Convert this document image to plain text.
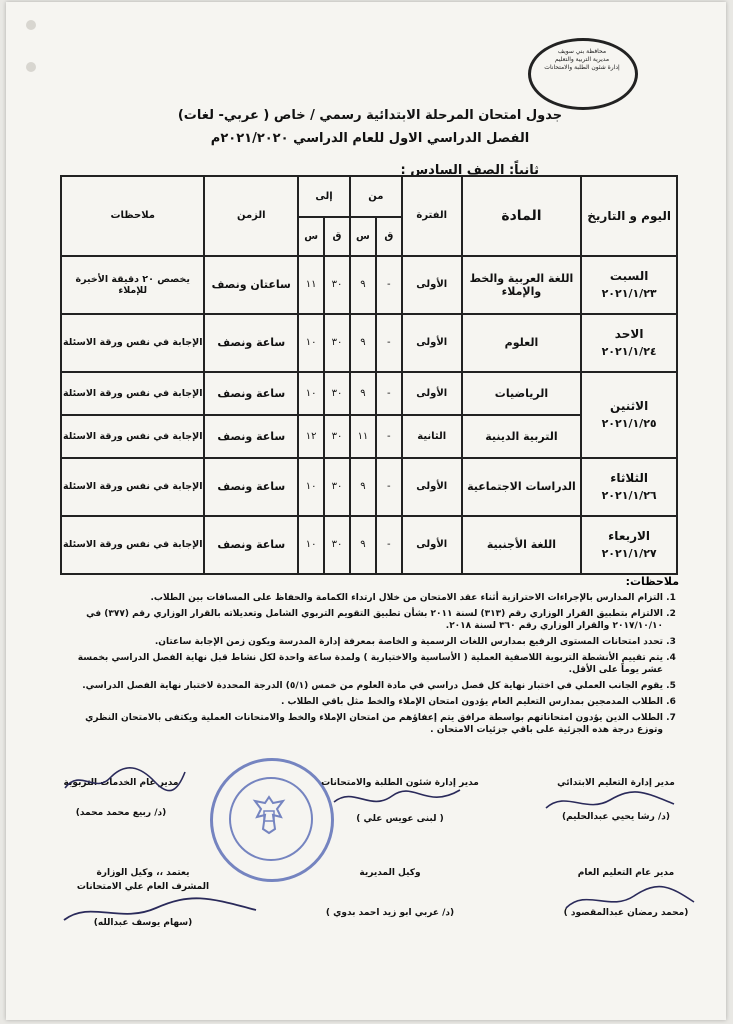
محافظة بني سويف
مديرية التربية والتعليم
إدارة شئون الطلبة والامتحانات
جدول امتحان المرحلة الابتدائية رسمي / خاص ( عربي- لغات)
الفصل الدراسي الاول للعام الدراسي ٢٠٢١/٢٠٢٠م
ثانياً: الصف السادس :
اليوم و التاريخ	المادة	الفترة	من		إلى		الزمن	ملاحظات
			ق	س	ق	س		
السبت
٢٠٢١/١/٢٣	اللغة العربية والخط والإملاء	الأولى	-	٩	٣٠	١١	ساعتان ونصف	يخصص ٢٠ دقيقة الأخيرة للإملاء
الاحد
٢٠٢١/١/٢٤	العلوم	الأولى	-	٩	٣٠	١٠	ساعة ونصف	الإجابة في نفس ورقة الاسئلة
الاثنين
٢٠٢١/١/٢٥	الرياضيات	الأولى	-	٩	٣٠	١٠	ساعة ونصف	الإجابة في نفس ورقة الاسئلة
	التربية الدينية	الثانية	-	١١	٣٠	١٢	ساعة ونصف	الإجابة في نفس ورقة الاسئلة
الثلاثاء
٢٠٢١/١/٢٦	الدراسات الاجتماعية	الأولى	-	٩	٣٠	١٠	ساعة ونصف	الإجابة في نفس ورقة الاسئلة
الاربعاء
٢٠٢١/١/٢٧	اللغة الأجنبية	الأولى	-	٩	٣٠	١٠	ساعة ونصف	الإجابة في نفس ورقة الاسئلة
ملاحظات:
1. التزام المدارس بالإجراءات الاحترازية أثناء عقد الامتحان من خلال ارتداء الكمامة والحفاظ على المسافات بين الطلاب.
2. الالتزام بتطبيق القرار الوزاري رقم (٣١٣) لسنة ٢٠١١ بشأن تطبيق التقويم التربوي الشامل وتعديلاته بالقرار الوزاري رقم (٣٧٧) في ٢٠١٧/١٠/١٠ والقرار الوزاري رقم ٣٦٠ لسنة ٢٠١٨.
3. تحدد امتحانات المستوى الرفيع بمدارس اللغات الرسمية و الخاصة بمعرفة إدارة المدرسة ويكون زمن الإجابة ساعتان.
4. يتم تقييم الأنشطة التربوية اللاصفية العملية ( الأساسية والاختيارية ) ولمدة ساعة واحدة لكل نشاط قبل نهاية الفصل الدراسي بخمسة عشر يوماً على الأقل.
5. يقوم الجانب العملي في اختبار نهاية كل فصل دراسي في مادة العلوم من خمس (٥/١) الدرجة المحددة لاختبار نهاية الفصل الدراسي.
6. الطلاب المدمجين بمدارس التعليم العام يؤدون امتحان الإملاء والخط مثل باقي الطلاب .
7. الطلاب الذين يؤدون امتحاناتهم بواسطة مرافق يتم إعفاؤهم من امتحان الإملاء والخط والامتحانات العملية ويكتفى بالامتحان النظري وتوزع درجة هذه الجزئية على باقي جزئيات الامتحان .
مدير عام الخدمات التربوية
(د/ ربيع محمد محمد)
مدير إدارة شئون الطلبة والامتحانات
( لبنى عويس علي )
مدير إدارة التعليم الابتدائي
(د/ رشا يحيي عبدالحليم)
يعتمد ،، وكيل الوزارة
المشرف العام علي الامتحانات
(سهام يوسف عبدالله)
وكيل المديرية
(د/ عربي ابو زيد احمد بدوي )
مدير عام التعليم العام
(محمد رمضان عبدالمقصود )
